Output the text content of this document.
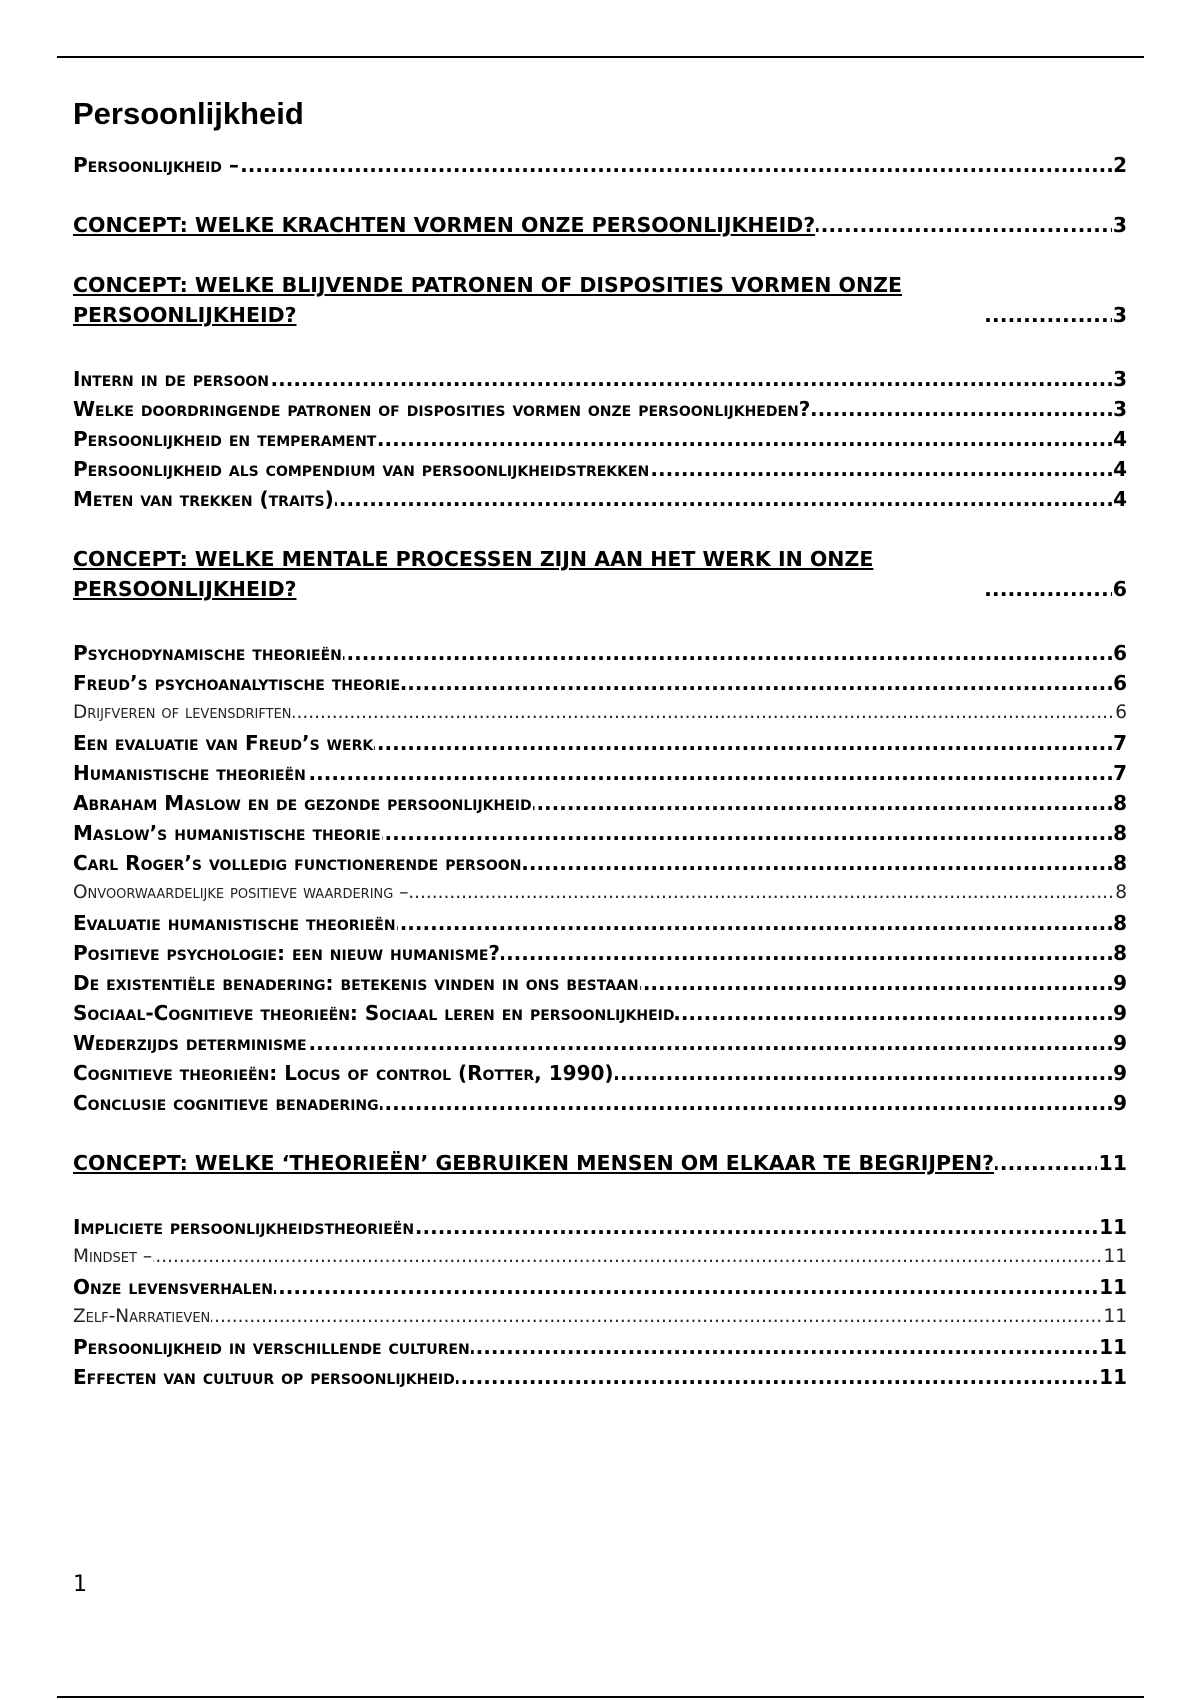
Persoonlijkheid
2
Persoonlijkheid –
.....
3
CONCEPT: WELKE KRACHTEN VORMEN ONZE PERSOONLIJKHEID?
.....
3
CONCEPT: WELKE BLIJVENDE PATRONEN OF DISPOSITIES VORMEN ONZE PERSOONLIJKHEID?
.....
3
Intern in de persoon
.....
3
Welke doordringende patronen of disposities vormen onze persoonlijkheden?
.....
4
Persoonlijkheid en temperament
.....
4
Persoonlijkheid als compendium van persoonlijkheidstrekken
.....
4
Meten van trekken (traits)
.....
6
CONCEPT: WELKE MENTALE PROCESSEN ZIJN AAN HET WERK IN ONZE PERSOONLIJKHEID?
.....
6
Psychodynamische theorieën
.....
6
Freud’s psychoanalytische theorie
.....
6
Drijfveren of levensdriften
.....
7
Een evaluatie van Freud’s werk
.....
7
Humanistische theorieën
.....
8
Abraham Maslow en de gezonde persoonlijkheid
.....
8
Maslow’s humanistische theorie
.....
8
Carl Roger’s volledig functionerende persoon
.....
8
Onvoorwaardelijke positieve waardering –
.....
8
Evaluatie humanistische theorieën
.....
8
Positieve psychologie: een nieuw humanisme?
.....
9
De existentiële benadering: betekenis vinden in ons bestaan
.....
9
Sociaal-Cognitieve theorieën: Sociaal leren en persoonlijkheid
.....
9
Wederzijds determinisme
.....
9
Cognitieve theorieën: Locus of control (Rotter, 1990)
.....
9
Conclusie cognitieve benadering
.....
11
CONCEPT: WELKE ‘THEORIEËN’ GEBRUIKEN MENSEN OM ELKAAR TE BEGRIJPEN?
.....
11
Impliciete persoonlijkheidstheorieën
.....
11
Mindset –
.....
11
Onze levensverhalen
.....
11
Zelf-Narratieven
.....
11
Persoonlijkheid in verschillende culturen
.....
11
Effecten van cultuur op persoonlijkheid
.....
1
